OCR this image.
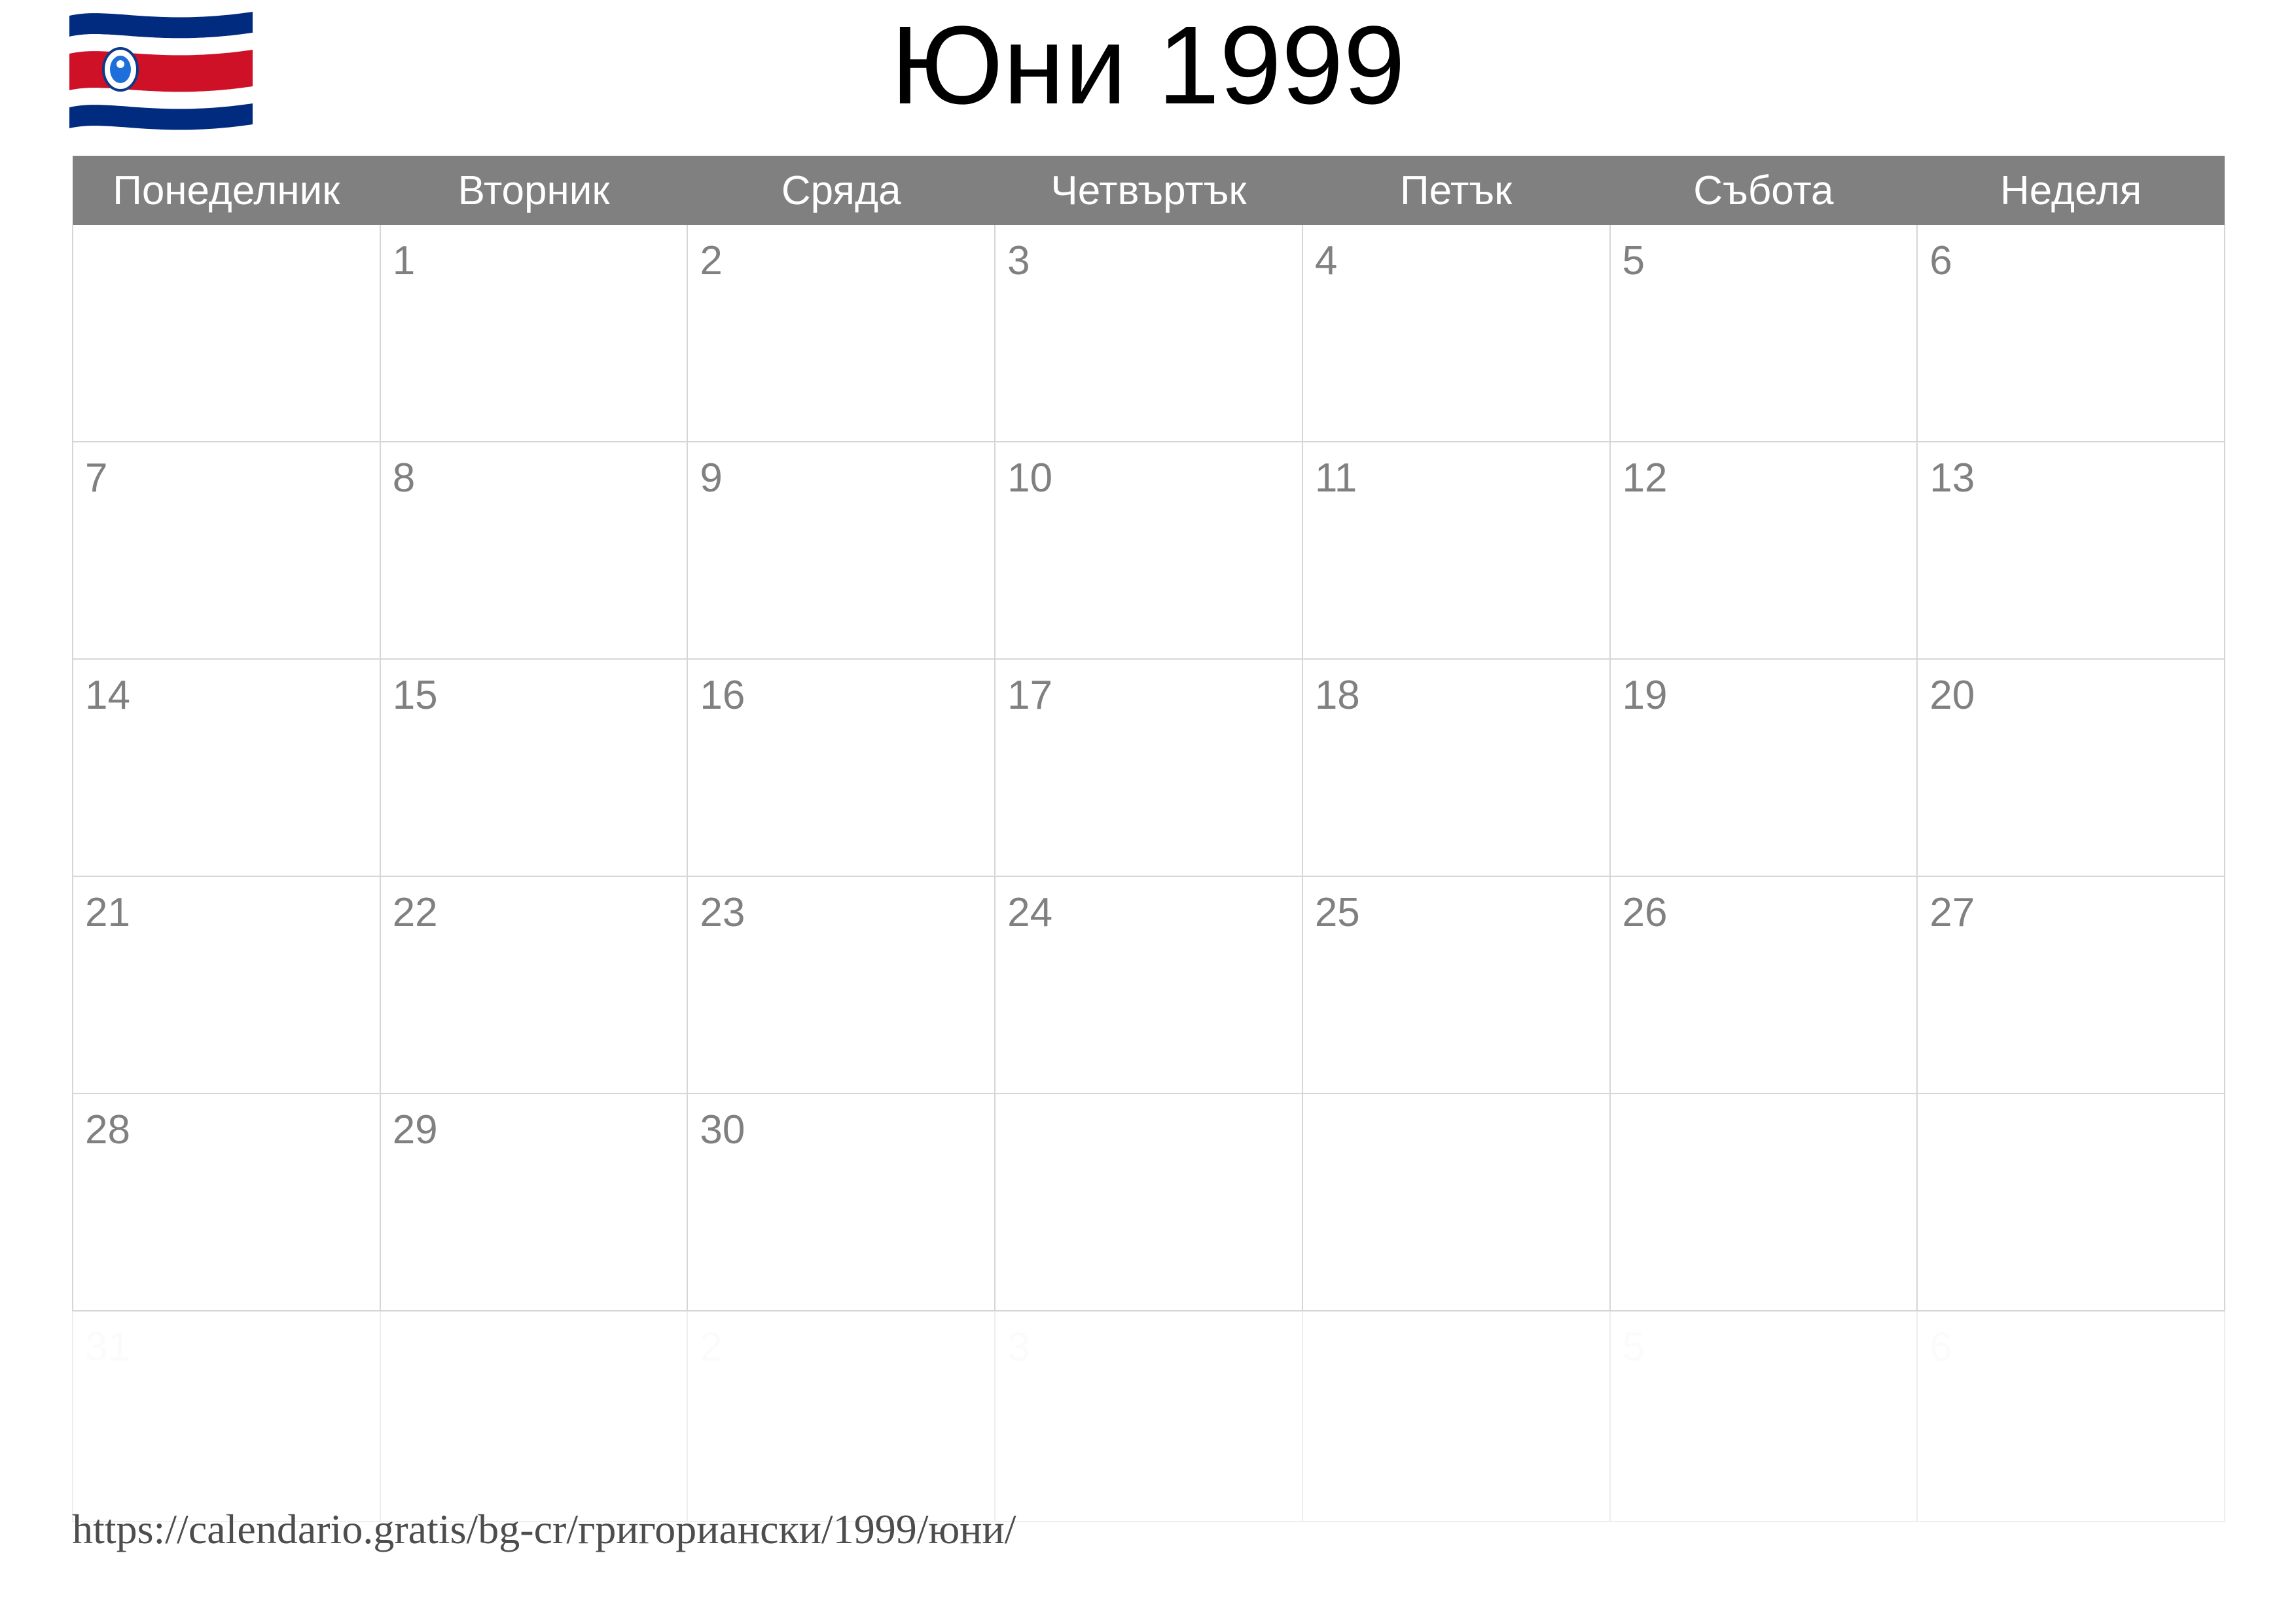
Юни 1999
Понеделник	Вторник	Сряда	Четвъртък	Петък	Събота	Неделя

	1	2	3	4	5	6

7	8	9	10	11	12	13

14	15	16	17	18	19	20

21	22	23	24	25	26	27

28	29	30				

31		2	3		5	6
https://calendario.gratis/bg-cr/григориански/1999/юни/
